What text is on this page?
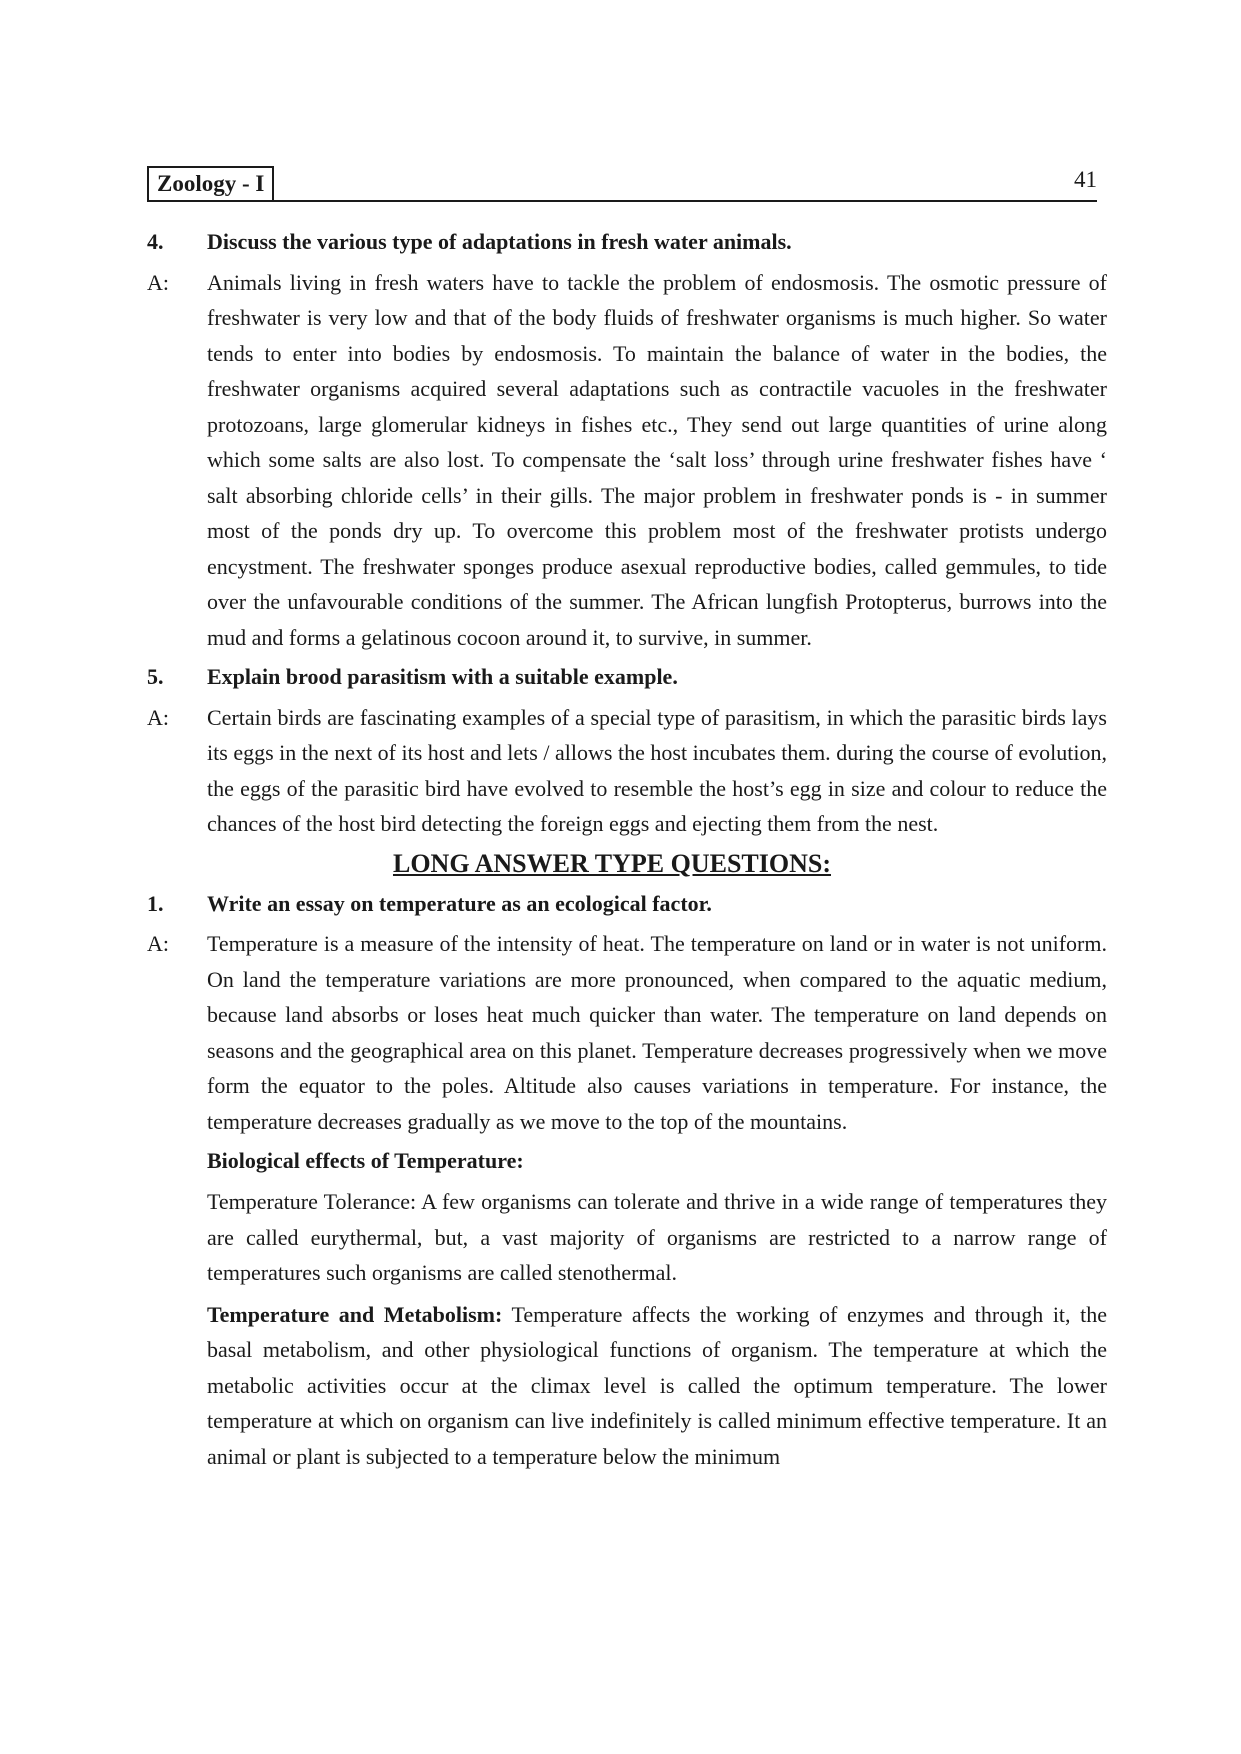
Zoology - I	41
4.	Discuss the various type of adaptations in fresh water animals.
A:	Animals living in fresh waters have to tackle the problem of endosmosis. The osmotic pressure of freshwater is very low and that of the body fluids of freshwater organisms is much higher. So water tends to enter into bodies by endosmosis. To maintain the balance of water in the bodies, the freshwater organisms acquired several adaptations such as contractile vacuoles in the freshwater protozoans, large glomerular kidneys in fishes etc., They send out large quantities of urine along which some salts are also lost. To compensate the ‘salt loss’ through urine freshwater fishes have ‘ salt absorbing chloride cells’ in their gills. The major problem in freshwater ponds is - in summer most of the ponds dry up. To overcome this problem most of the freshwater protists undergo encystment. The freshwater sponges produce asexual reproductive bodies, called gemmules, to tide over the unfavourable conditions of the summer. The African lungfish Protopterus, burrows into the mud and forms a gelatinous cocoon around it, to survive, in summer.
5.	Explain brood parasitism with a suitable example.
A:	Certain birds are fascinating examples of a special type of parasitism, in which the parasitic birds lays its eggs in the next of its host and lets / allows the host incubates them. during the course of evolution, the eggs of the parasitic bird have evolved to resemble the host’s egg in size and colour to reduce the chances of the host bird detecting the foreign eggs and ejecting them from the nest.
LONG ANSWER TYPE QUESTIONS:
1.	Write an essay on temperature as an ecological factor.
A:	Temperature is a measure of the intensity of heat. The temperature on land or in water is not uniform. On land the temperature variations are more pronounced, when compared to the aquatic medium, because land absorbs or loses heat much quicker than water. The temperature on land depends on seasons and the geographical area on this planet. Temperature decreases progressively when we move form the equator to the poles. Altitude also causes variations in temperature. For instance, the temperature decreases gradually as we move to the top of the mountains.
Biological effects of Temperature:
Temperature Tolerance: A few organisms can tolerate and thrive in a wide range of temperatures they are called eurythermal, but, a vast majority of organisms are restricted to a narrow range of temperatures such organisms are called stenothermal.
Temperature and Metabolism: Temperature affects the working of enzymes and through it, the basal metabolism, and other physiological functions of organism. The temperature at which the metabolic activities occur at the climax level is called the optimum temperature. The lower temperature at which on organism can live indefinitely is called minimum effective temperature. It an animal or plant is subjected to a temperature below the minimum
